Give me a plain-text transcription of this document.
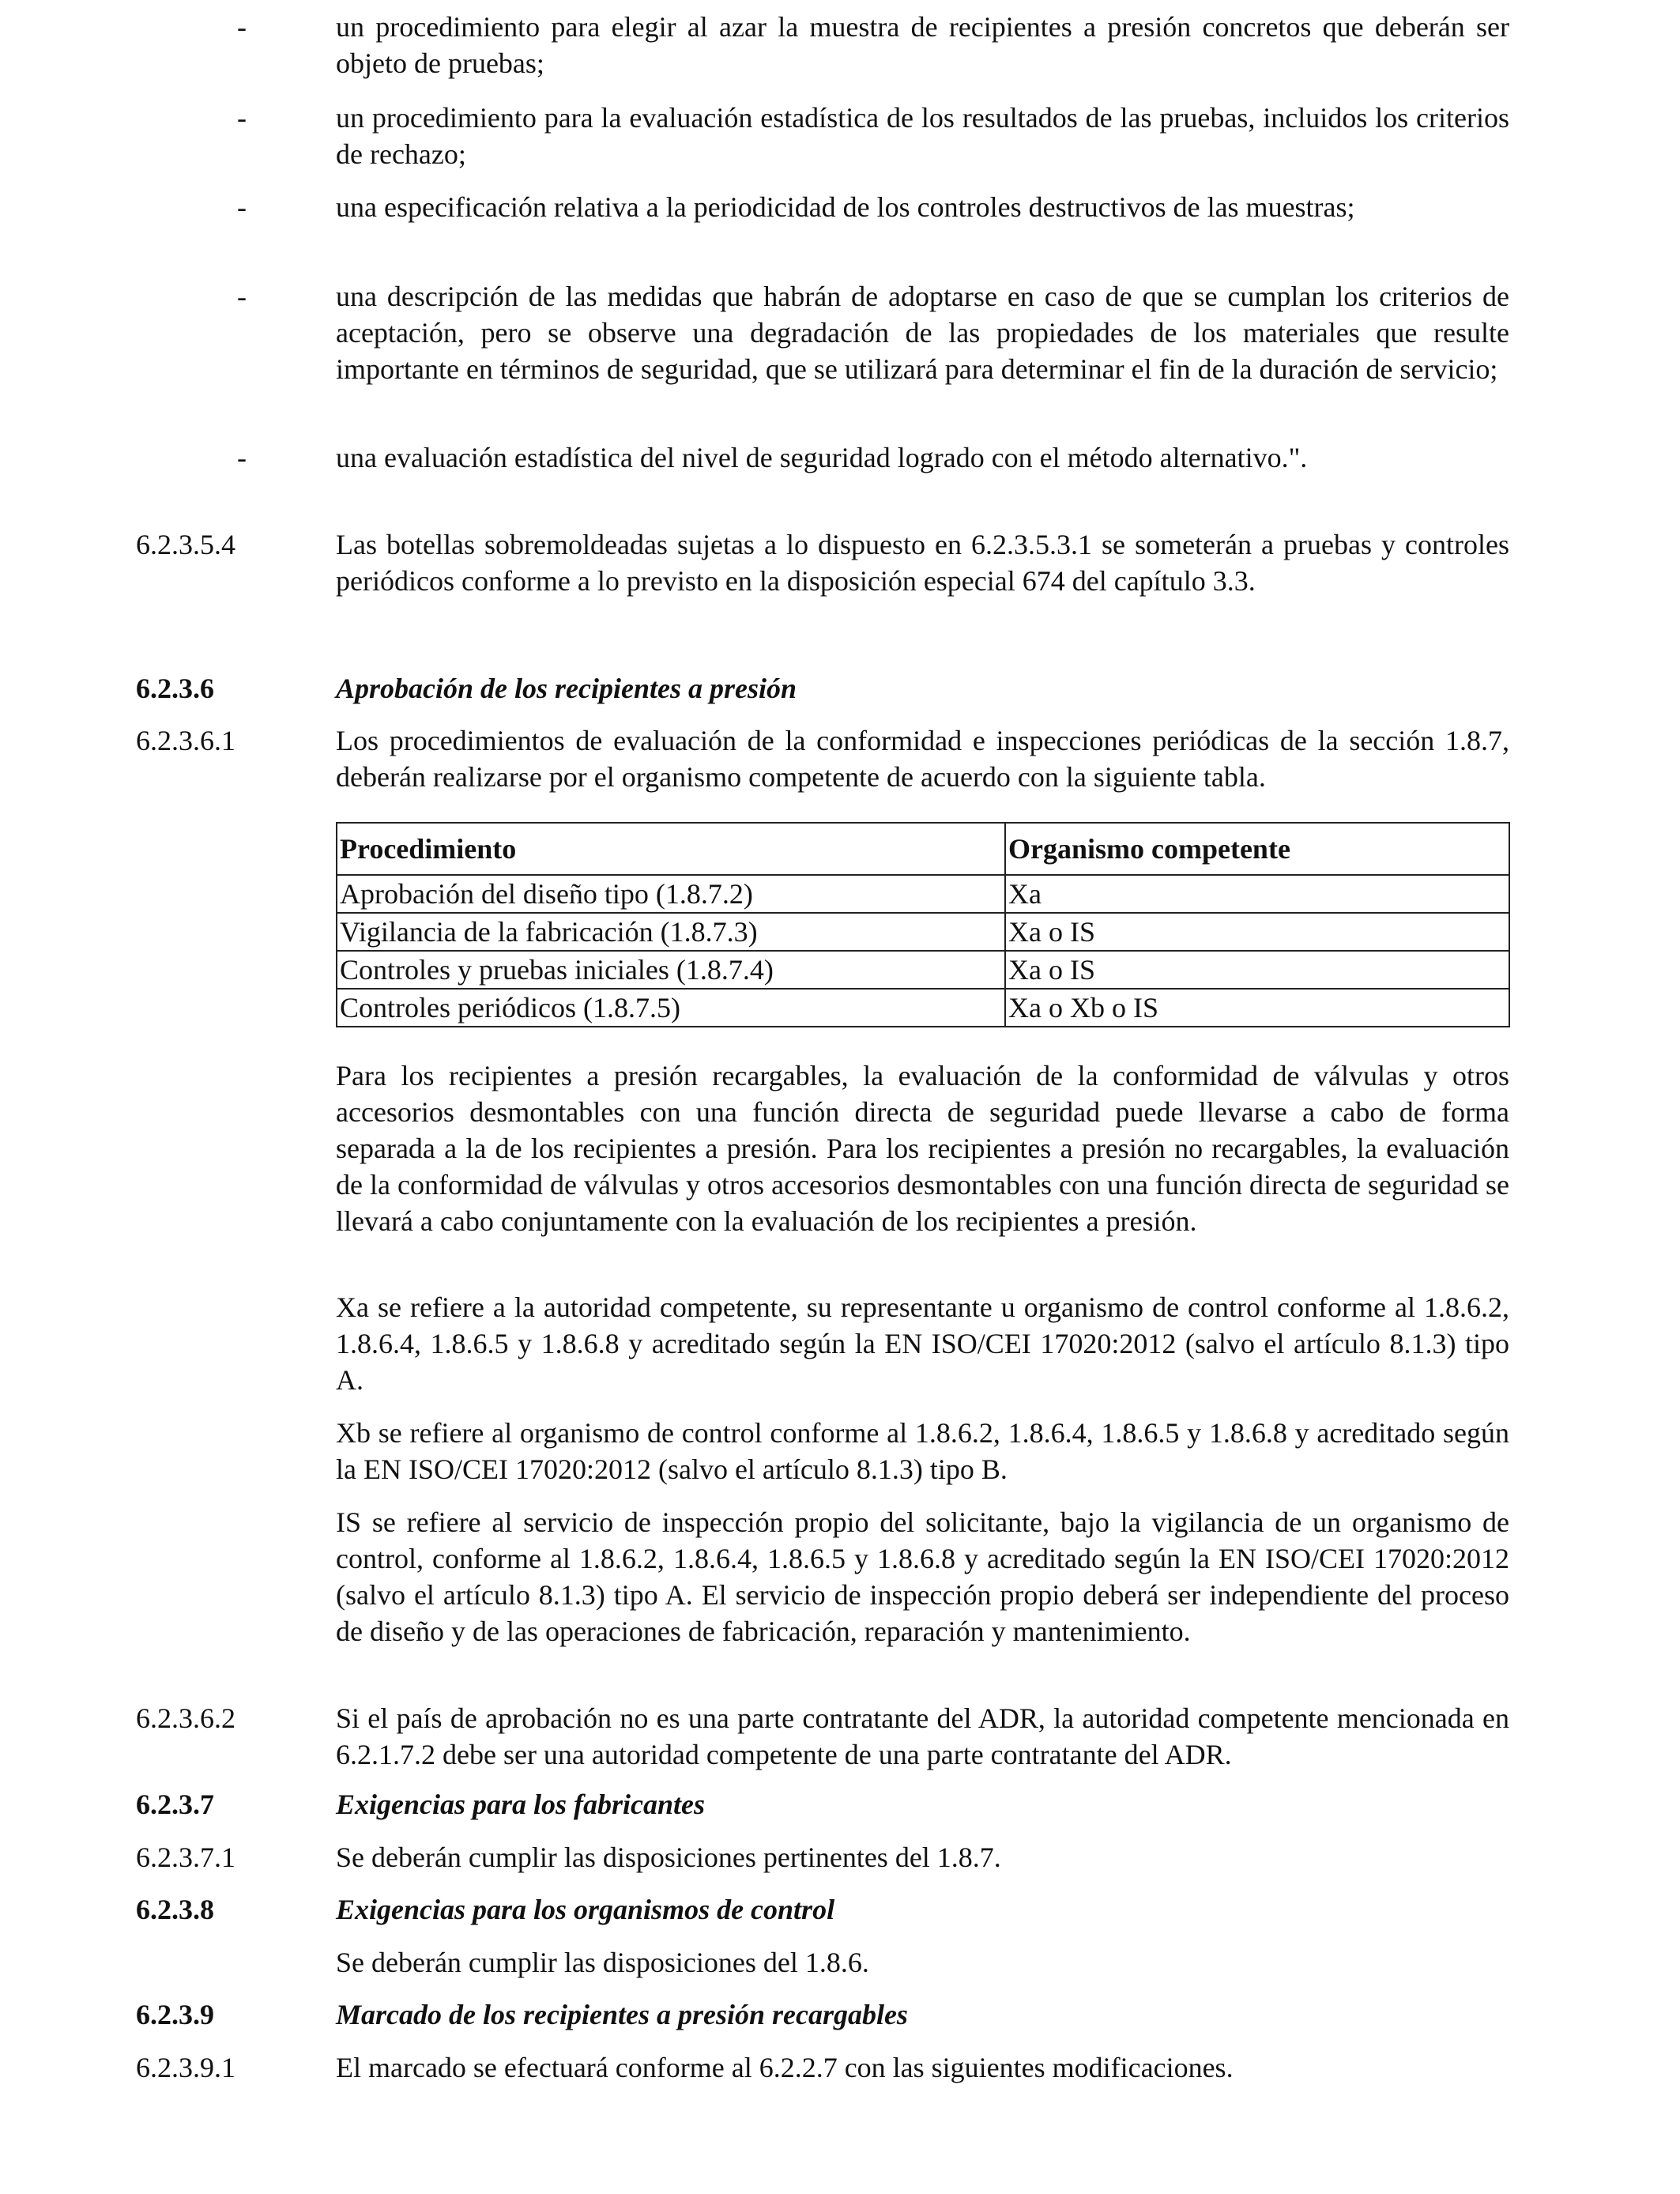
-	un procedimiento para elegir al azar la muestra de recipientes a presión concretos que deberán ser objeto de pruebas;
-	un procedimiento para la evaluación estadística de los resultados de las pruebas, incluidos los criterios de rechazo;
-	una especificación relativa a la periodicidad de los controles destructivos de las muestras;
-	una descripción de las medidas que habrán de adoptarse en caso de que se cumplan los criterios de aceptación, pero se observe una degradación de las propiedades de los materiales que resulte importante en términos de seguridad, que se utilizará para determinar el fin de la duración de servicio;
-	una evaluación estadística del nivel de seguridad logrado con el método alternativo.".
6.2.3.5.4	Las botellas sobremoldeadas sujetas a lo dispuesto en 6.2.3.5.3.1 se someterán a pruebas y controles periódicos conforme a lo previsto en la disposición especial 674 del capítulo 3.3.
6.2.3.6	Aprobación de los recipientes a presión
6.2.3.6.1	Los procedimientos de evaluación de la conformidad e inspecciones periódicas de la sección 1.8.7, deberán realizarse por el organismo competente de acuerdo con la siguiente tabla.
Procedimiento	Organismo competente
Aprobación del diseño tipo (1.8.7.2)	Xa
Vigilancia de la fabricación (1.8.7.3)	Xa o IS
Controles y pruebas iniciales (1.8.7.4)	Xa o IS
Controles periódicos (1.8.7.5)	Xa o Xb o IS
Para los recipientes a presión recargables, la evaluación de la conformidad de válvulas y otros accesorios desmontables con una función directa de seguridad puede llevarse a cabo de forma separada a la de los recipientes a presión. Para los recipientes a presión no recargables, la evaluación de la conformidad de válvulas y otros accesorios desmontables con una función directa de seguridad se llevará a cabo conjuntamente con la evaluación de los recipientes a presión.
Xa se refiere a la autoridad competente, su representante u organismo de control conforme al 1.8.6.2, 1.8.6.4, 1.8.6.5 y 1.8.6.8 y acreditado según la EN ISO/CEI 17020:2012 (salvo el artículo 8.1.3) tipo A.
Xb se refiere al organismo de control conforme al 1.8.6.2, 1.8.6.4, 1.8.6.5 y 1.8.6.8 y acreditado según la EN ISO/CEI 17020:2012 (salvo el artículo 8.1.3) tipo B.
IS se refiere al servicio de inspección propio del solicitante, bajo la vigilancia de un organismo de control, conforme al 1.8.6.2, 1.8.6.4, 1.8.6.5 y 1.8.6.8 y acreditado según la EN ISO/CEI 17020:2012 (salvo el artículo 8.1.3) tipo A. El servicio de inspección propio deberá ser independiente del proceso de diseño y de las operaciones de fabricación, reparación y mantenimiento.
6.2.3.6.2	Si el país de aprobación no es una parte contratante del ADR, la autoridad competente mencionada en 6.2.1.7.2 debe ser una autoridad competente de una parte contratante del ADR.
6.2.3.7	Exigencias para los fabricantes
6.2.3.7.1	Se deberán cumplir las disposiciones pertinentes del 1.8.7.
6.2.3.8	Exigencias para los organismos de control
Se deberán cumplir las disposiciones del 1.8.6.
6.2.3.9	Marcado de los recipientes a presión recargables
6.2.3.9.1	El marcado se efectuará conforme al 6.2.2.7 con las siguientes modificaciones.
